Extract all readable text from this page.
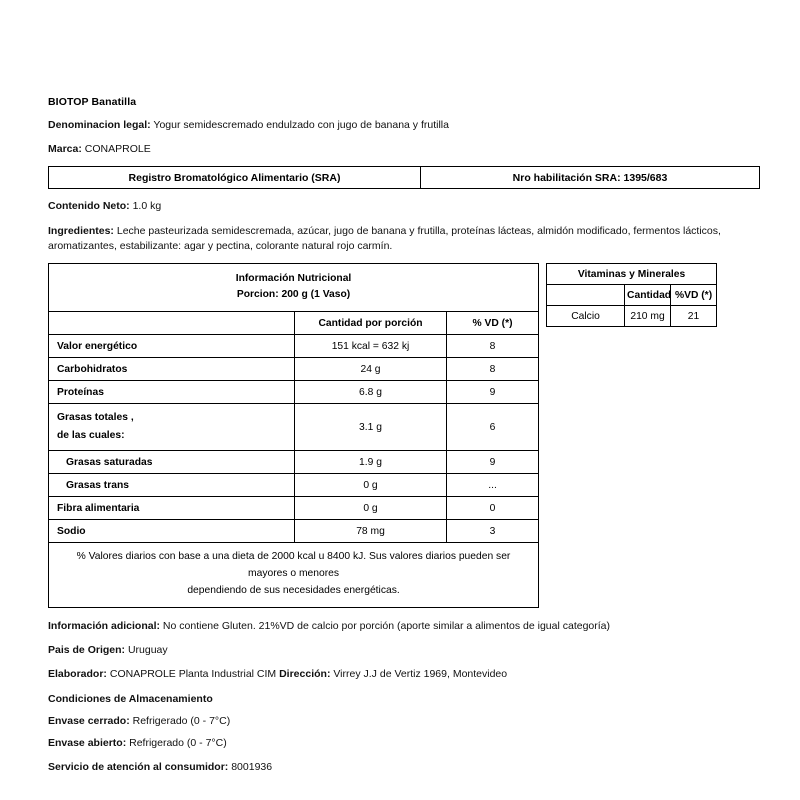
BIOTOP Banatilla

Denominacion legal: Yogur semidescremado endulzado con jugo de banana y frutilla

Marca: CONAPROLE

Registro Bromatológico Alimentario (SRA)	Nro habilitación SRA: 1395/683

Contenido Neto: 1.0 kg

Ingredientes: Leche pasteurizada semidescremada, azúcar, jugo de banana y frutilla, proteínas lácteas, almidón modificado, fermentos lácticos, aromatizantes, estabilizante: agar y pectina, colorante natural rojo carmín.

Información Nutricional
Porcion: 200 g (1 Vaso)		

	Cantidad por porción	% VD (*)
Valor energético	151 kcal = 632 kj	8
Carbohidratos	24 g	8
Proteínas	6.8 g	9

Grasas totales ,
de las cuales:	3.1 g	6
Grasas saturadas	1.9 g	9
Grasas trans	0 g	...
Fibra alimentaria	0 g	0
Sodio	78 mg	3

% Valores diarios con base a una dieta de 2000 kcal u 8400 kJ. Sus valores diarios pueden ser mayores o menores
dependiendo de sus necesidades energéticas.		
Vitaminas y Minerales		
	Cantidad	%VD (*)
Calcio	210 mg	21

Información adicional: No contiene Gluten. 21%VD de calcio por porción (aporte similar a alimentos de igual categoría)

Pais de Origen: Uruguay

Elaborador: CONAPROLE Planta Industrial CIM Dirección: Virrey J.J de Vertiz 1969, Montevideo

Condiciones de Almacenamiento

Envase cerrado: Refrigerado (0 - 7°C)

Envase abierto: Refrigerado (0 - 7°C)

Servicio de atención al consumidor: 8001936
